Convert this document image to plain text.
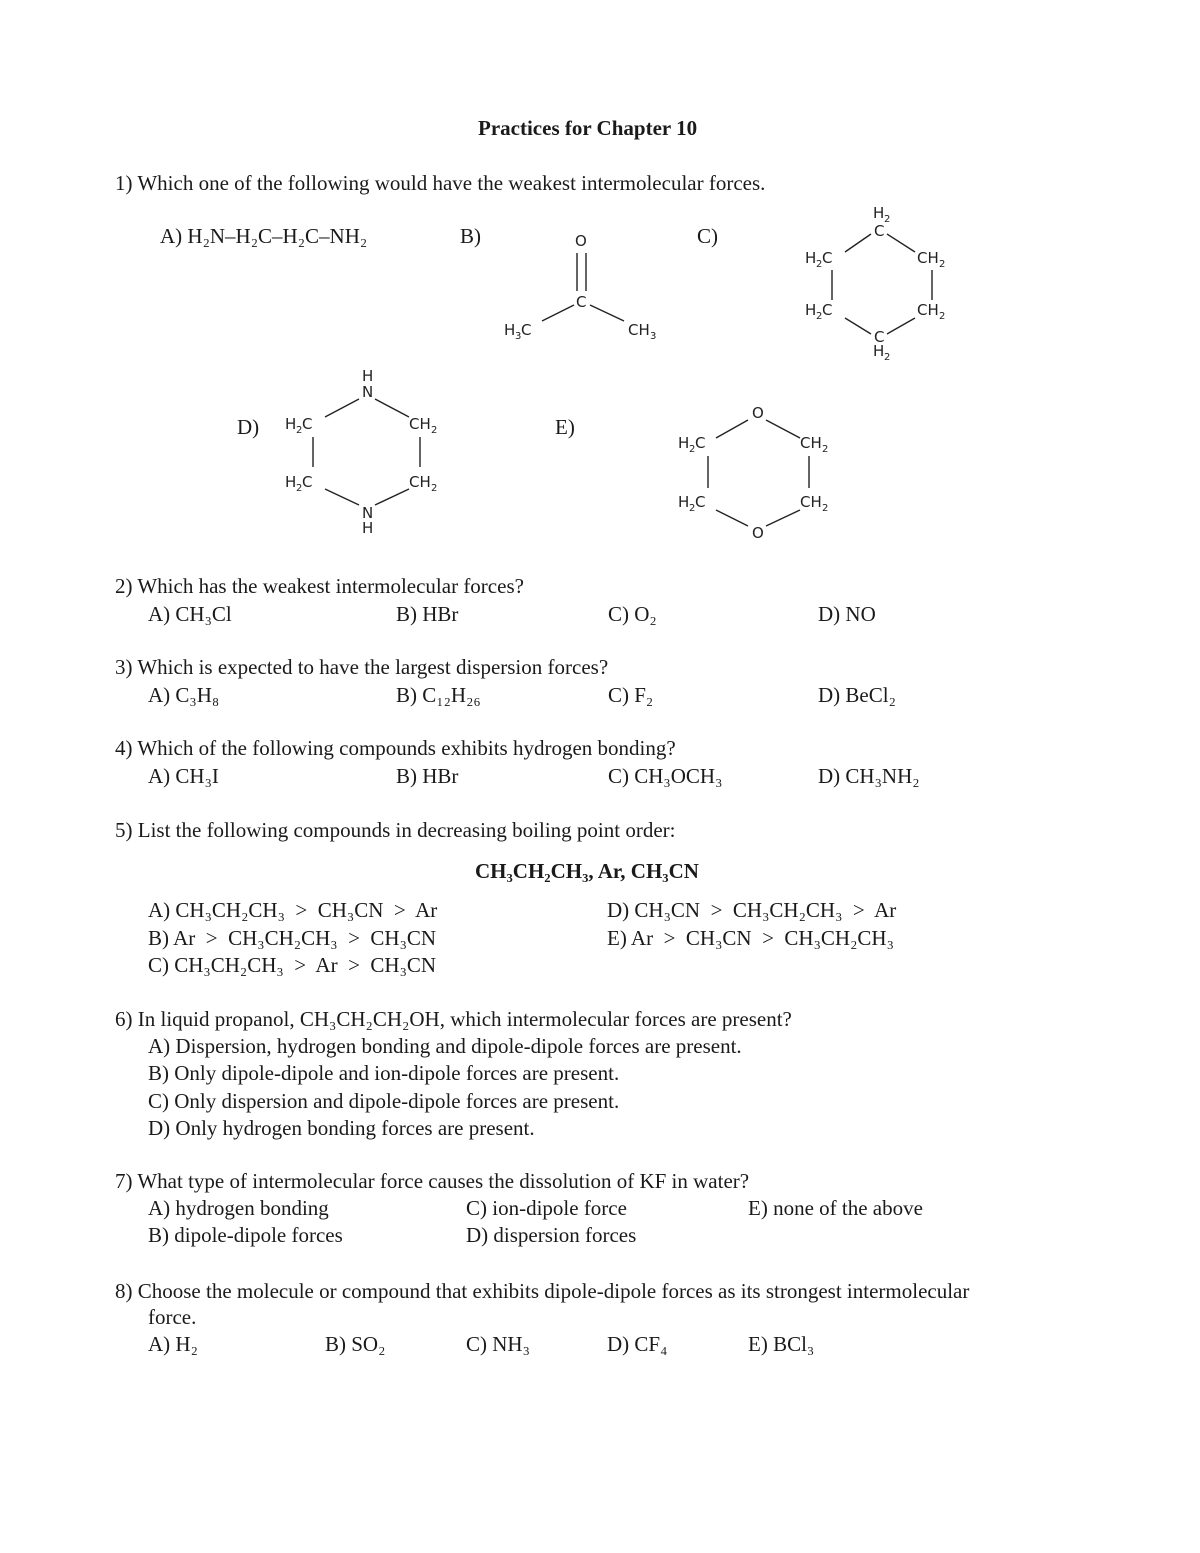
Practices for Chapter 10
1) Which one of the following would have the weakest intermolecular forces.
A) H₂N–H₂C–H₂C–NH₂	B)	C)
D)	E)
O
C
H 3 C	CH 3
H 2
C
H 2 C	CH 2
H 2 C	CH 2
C
H 2
H
N
H 2 C	CH 2
H 2 C	CH 2
N
H
O
H 2 C	CH 2
H 2 C	CH 2
O
2) Which has the weakest intermolecular forces?
A) CH₃Cl	B) HBr	C) O₂	D) NO
3) Which is expected to have the largest dispersion forces?
A) C₃H₈	B) C₁₂H₂₆	C) F₂	D) BeCl₂
4) Which of the following compounds exhibits hydrogen bonding?
A) CH₃I	B) HBr	C) CH₃OCH₃	D) CH₃NH₂
5) List the following compounds in decreasing boiling point order:
CH₃CH₂CH₃, Ar, CH₃CN
A) CH₃CH₂CH₃  >  CH₃CN  >  Ar
B) Ar  >  CH₃CH₂CH₃  >  CH₃CN
C) CH₃CH₂CH₃  >  Ar  >  CH₃CN
D) CH₃CN  >  CH₃CH₂CH₃  >  Ar
E) Ar  >  CH₃CN  >  CH₃CH₂CH₃
6) In liquid propanol, CH₃CH₂CH₂OH, which intermolecular forces are present?
A) Dispersion, hydrogen bonding and dipole-dipole forces are present.
B) Only dipole-dipole and ion-dipole forces are present.
C) Only dispersion and dipole-dipole forces are present.
D) Only hydrogen bonding forces are present.
7) What type of intermolecular force causes the dissolution of KF in water?
A) hydrogen bonding
B) dipole-dipole forces
C) ion-dipole force
D) dispersion forces
E) none of the above
8) Choose the molecule or compound that exhibits dipole-dipole forces as its strongest intermolecular
force.
A) H₂	B) SO₂	C) NH₃	D) CF₄	E) BCl₃
